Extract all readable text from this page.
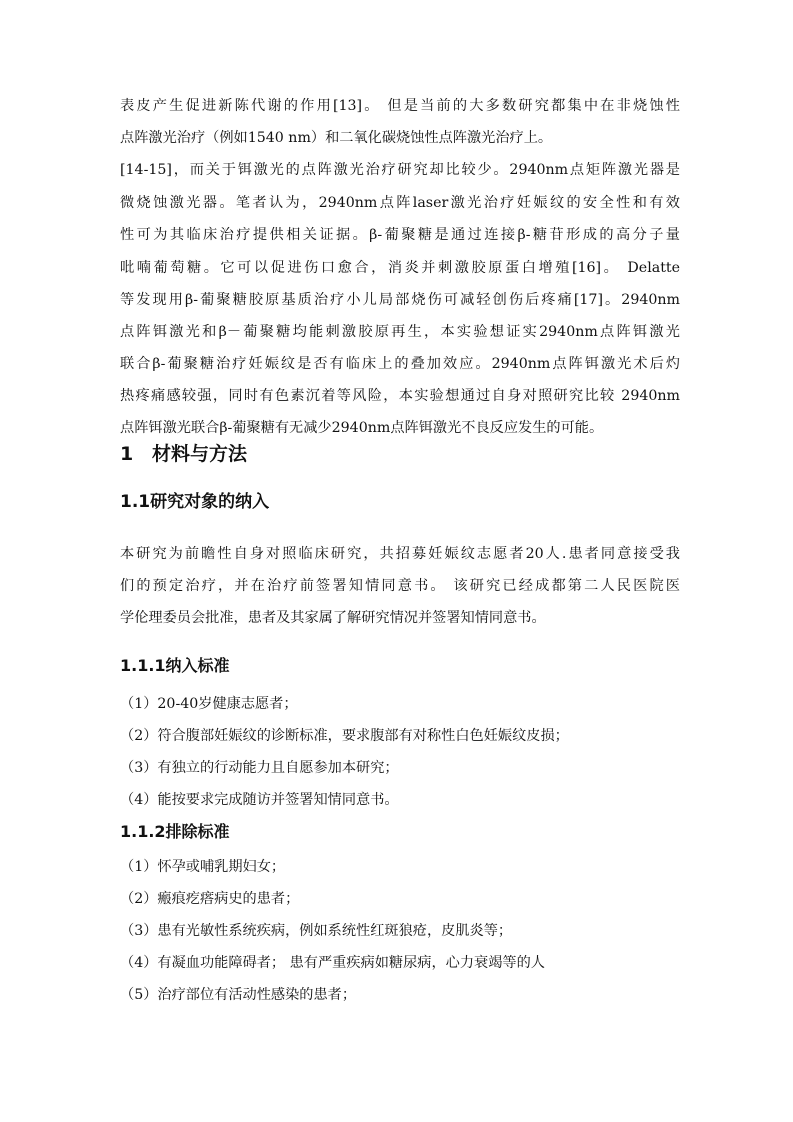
表皮产生促进新陈代谢的作用[13]。 但是当前的大多数研究都集中在非烧蚀性
点阵激光治疗（例如1540 nm）和二氧化碳烧蚀性点阵激光治疗上。
[14-15]，而关于铒激光的点阵激光治疗研究却比较少。2940nm点矩阵激光器是
微烧蚀激光器。笔者认为，2940nm点阵laser激光治疗妊娠纹的安全性和有效
性可为其临床治疗提供相关证据。β-葡聚糖是通过连接β-糖苷形成的高分子量
吡喃葡萄糖。它可以促进伤口愈合，消炎并刺激胶原蛋白增殖[16]。 Delatte
等发现用β-葡聚糖胶原基质治疗小儿局部烧伤可减轻创伤后疼痛[17]。2940nm
点阵铒激光和β－葡聚糖均能刺激胶原再生，本实验想证实2940nm点阵铒激光
联合β-葡聚糖治疗妊娠纹是否有临床上的叠加效应。2940nm点阵铒激光术后灼
热疼痛感较强，同时有色素沉着等风险，本实验想通过自身对照研究比较 2940nm
点阵铒激光联合β-葡聚糖有无减少2940nm点阵铒激光不良反应发生的可能。
1 材料与方法
1.1研究对象的纳入
本研究为前瞻性自身对照临床研究，共招募妊娠纹志愿者20人.患者同意接受我
们的预定治疗，并在治疗前签署知情同意书。 该研究已经成都第二人民医院医
学伦理委员会批准，患者及其家属了解研究情况并签署知情同意书。
1.1.1纳入标准
（1）20-40岁健康志愿者；
（2）符合腹部妊娠纹的诊断标准，要求腹部有对称性白色妊娠纹皮损；
（3）有独立的行动能力且自愿参加本研究；
（4）能按要求完成随访并签署知情同意书。
1.1.2排除标准
（1）怀孕或哺乳期妇女；
（2）瘢痕疙瘩病史的患者；
（3）患有光敏性系统疾病，例如系统性红斑狼疮，皮肌炎等；
（4）有凝血功能障碍者； 患有严重疾病如糖尿病，心力衰竭等的人
（5）治疗部位有活动性感染的患者；
